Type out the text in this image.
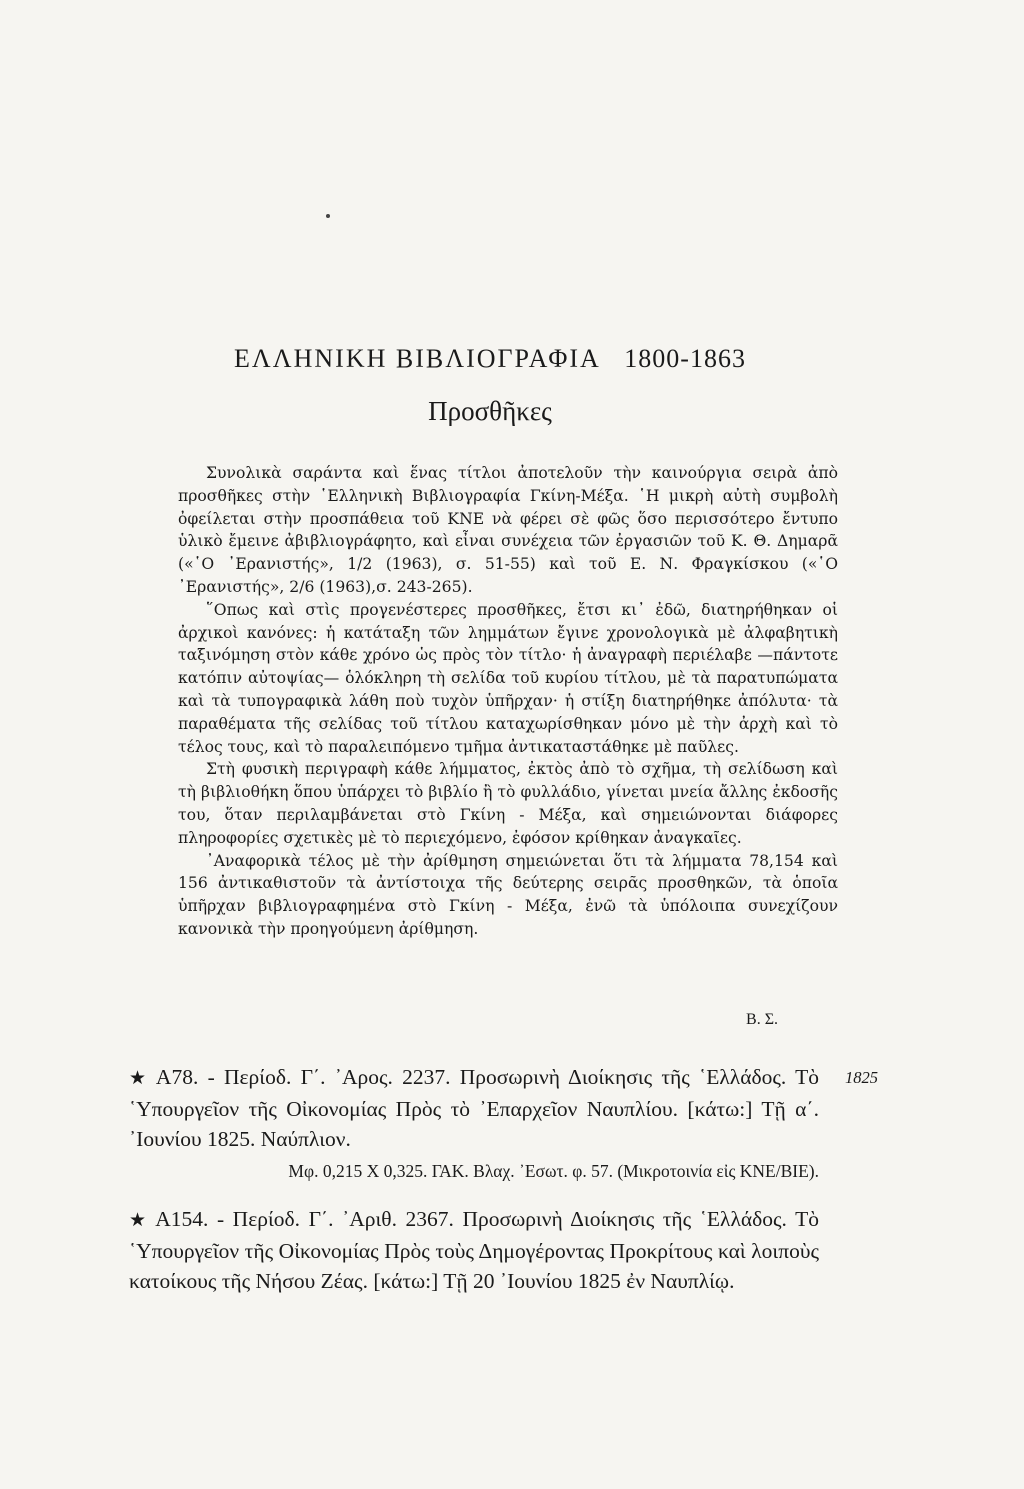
ΕΛΛΗΝΙΚΗ ΒΙΒΛΙΟΓΡΑΦΙΑ 1800-1863
Προσθῆκες

Συνολικὰ σαράντα καὶ ἕνας τίτλοι ἀποτελοῦν τὴν καινούργια σειρὰ ἀπὸ προσθῆκες στὴν ῾Ελληνικὴ Βιβλιογραφία Γκίνη-Μέξα. ῾Η μικρὴ αὐτὴ συμβολὴ ὀφείλεται στὴν προσπάθεια τοῦ ΚΝΕ νὰ φέρει σὲ φῶς ὅσο περισσότερο ἔντυπο ὑλικὸ ἔμεινε ἀβιβλιογράφητο, καὶ εἶναι συνέχεια τῶν ἐργασιῶν τοῦ Κ. Θ. Δημαρᾶ («῾Ο ᾿Ερανιστής», 1/2 (1963), σ. 51-55) καὶ τοῦ Ε. Ν. Φραγκίσκου («῾Ο ᾿Ερανιστής», 2/6 (1963),σ. 243-265).

῞Οπως καὶ στὶς προγενέστερες προσθῆκες, ἔτσι κι᾿ ἐδῶ, διατηρήθηκαν οἱ ἀρχικοὶ κανόνες: ἡ κατάταξη τῶν λημμάτων ἔγινε χρονολογικὰ μὲ ἀλφαβητικὴ ταξινόμηση στὸν κάθε χρόνο ὡς πρὸς τὸν τίτλο· ἡ ἀναγραφὴ περιέλαβε —πάντοτε κατόπιν αὐτοψίας— ὁλόκληρη τὴ σελίδα τοῦ κυρίου τίτλου, μὲ τὰ παρατυπώματα καὶ τὰ τυπογραφικὰ λάθη ποὺ τυχὸν ὑπῆρχαν· ἡ στίξη διατηρήθηκε ἀπόλυτα· τὰ παραθέματα τῆς σελίδας τοῦ τίτλου καταχωρίσθηκαν μόνο μὲ τὴν ἀρχὴ καὶ τὸ τέλος τους, καὶ τὸ παραλειπόμενο τμῆμα ἀντικαταστάθηκε μὲ παῦλες.

Στὴ φυσικὴ περιγραφὴ κάθε λήμματος, ἐκτὸς ἀπὸ τὸ σχῆμα, τὴ σελίδωση καὶ τὴ βιβλιοθήκη ὅπου ὑπάρχει τὸ βιβλίο ἢ τὸ φυλλάδιο, γίνεται μνεία ἄλλης ἐκδοσῆς του, ὅταν περιλαμβάνεται στὸ Γκίνη - Μέξα, καὶ σημειώνονται διάφορες πληροφορίες σχετικὲς μὲ τὸ περιεχόμενο, ἐφόσον κρίθηκαν ἀναγκαῖες.

᾿Αναφορικὰ τέλος μὲ τὴν ἀρίθμηση σημειώνεται ὅτι τὰ λήμματα 78,154 καὶ 156 ἀντικαθιστοῦν τὰ ἀντίστοιχα τῆς δεύτερης σειρᾶς προσθηκῶν, τὰ ὁποῖα ὑπῆρχαν βιβλιογραφημένα στὸ Γκίνη - Μέξα, ἐνῶ τὰ ὑπόλοιπα συνεχίζουν κανονικὰ τὴν προηγούμενη ἀρίθμηση.

Β. Σ.
1825

★ Α78. - Περίοδ. Γ΄. ᾿Αρος. 2237. Προσωρινὴ Διοίκησις τῆς ῾Ελλάδος. Τὸ ῾Υπουργεῖον τῆς Οἰκονομίας Πρὸς τὸ ᾿Επαρχεῖον Ναυπλίου. [κάτω:] Τῇ α΄. ᾿Ιουνίου 1825. Ναύπλιον.

Μφ. 0,215 Χ 0,325. ΓΑΚ. Βλαχ. ᾿Εσωτ. φ. 57. (Μικροτοινία εἰς ΚΝΕ/ΒΙΕ).

★ Α154. - Περίοδ. Γ΄. ᾿Αριθ. 2367. Προσωρινὴ Διοίκησις τῆς ῾Ελλάδος. Τὸ ῾Υπουργεῖον τῆς Οἰκονομίας Πρὸς τοὺς Δημογέροντας Προκρίτους καὶ λοιποὺς κατοίκους τῆς Νήσου Ζέας. [κάτω:] Τῇ 20 ᾿Ιουνίου 1825 ἐν Ναυπλίῳ.
